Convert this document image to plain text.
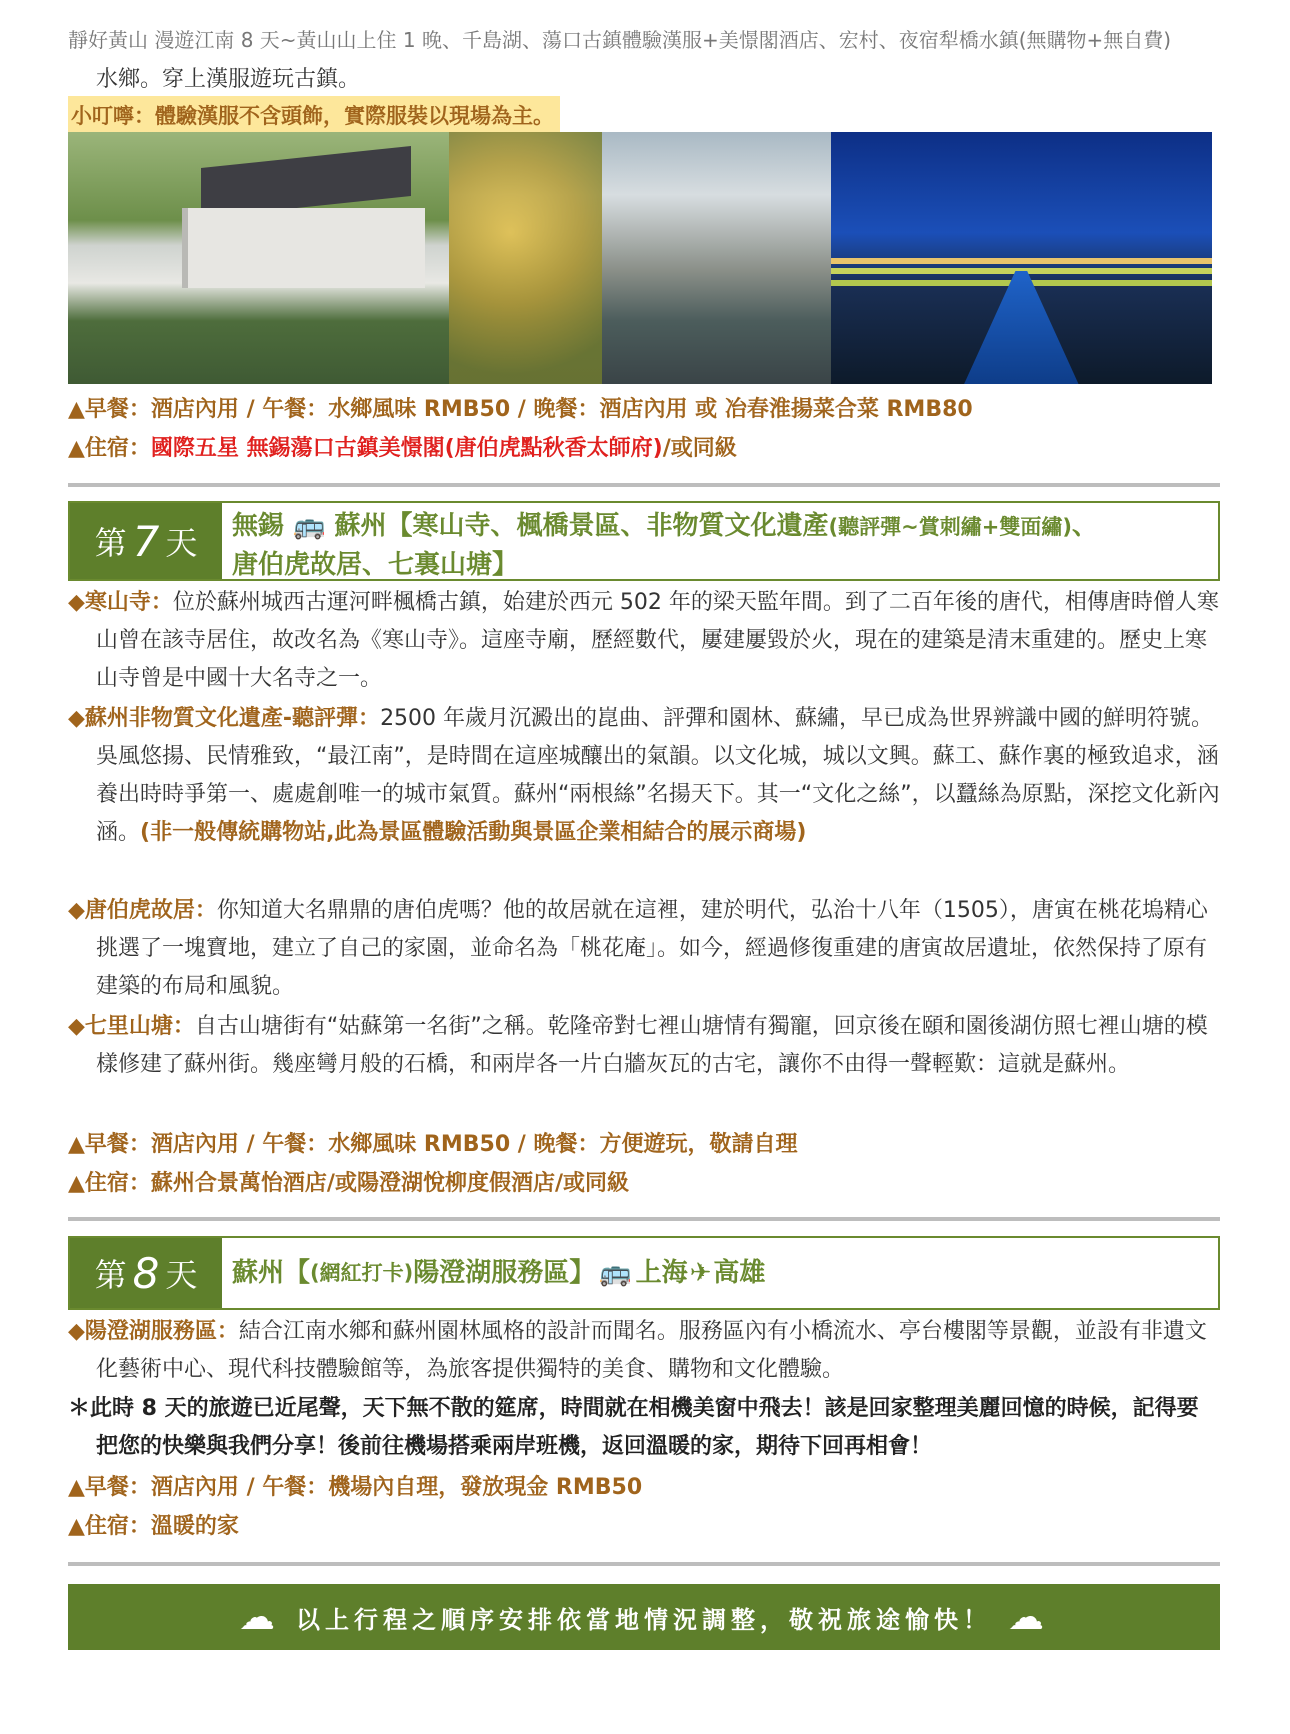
靜好黃山 漫遊江南 8 天~黃山山上住 1 晚、千島湖、蕩口古鎮體驗漢服+美憬閣酒店、宏村、夜宿犁橋水鎮(無購物+無自費)
水鄉。穿上漢服遊玩古鎮。
小叮嚀：體驗漢服不含頭飾，實際服裝以現場為主。
▲早餐：酒店內用 / 午餐：水鄉風味 RMB50 / 晚餐：酒店內用 或 冶春淮揚菜合菜 RMB80
▲住宿：國際五星 無錫蕩口古鎮美憬閣(唐伯虎點秋香太師府)/或同級
第 7 天 無錫 🚌 蘇州【寒山寺、楓橋景區、非物質文化遺產(聽評彈~賞刺繡+雙面繡)、
唐伯虎故居、七裏山塘】
◆寒山寺：位於蘇州城西古運河畔楓橋古鎮，始建於西元 502 年的梁天監年間。到了二百年後的唐代，相傳唐時僧人寒山曾在該寺居住，故改名為《寒山寺》。這座寺廟，歷經數代，屢建屢毀於火，現在的建築是清末重建的。歷史上寒山寺曾是中國十大名寺之一。
◆蘇州非物質文化遺產-聽評彈：2500 年歲月沉澱出的崑曲、評彈和園林、蘇繡，早已成為世界辨識中國的鮮明符號。吳風悠揚、民情雅致，“最江南”，是時間在這座城釀出的氣韻。以文化城，城以文興。蘇工、蘇作裏的極致追求，涵養出時時爭第一、處處創唯一的城市氣質。蘇州“兩根絲”名揚天下。其一“文化之絲”，以蠶絲為原點，深挖文化新內涵。(非一般傳統購物站,此為景區體驗活動與景區企業相結合的展示商場)
◆唐伯虎故居：你知道大名鼎鼎的唐伯虎嗎？他的故居就在這裡，建於明代，弘治十八年（1505），唐寅在桃花塢精心挑選了一塊寶地，建立了自己的家園，並命名為「桃花庵」。如今，經過修復重建的唐寅故居遺址，依然保持了原有建築的布局和風貌。
◆七里山塘：自古山塘街有“姑蘇第一名街”之稱。乾隆帝對七裡山塘情有獨寵，回京後在頤和園後湖仿照七裡山塘的模樣修建了蘇州街。幾座彎月般的石橋，和兩岸各一片白牆灰瓦的古宅，讓你不由得一聲輕歎：這就是蘇州。
▲早餐：酒店內用 / 午餐：水鄉風味 RMB50 / 晚餐：方便遊玩，敬請自理
▲住宿：蘇州合景萬怡酒店/或陽澄湖悅柳度假酒店/或同級
第 8 天 蘇州【 (網紅打卡) 陽澄湖服務區】 🚌 上海 ✈ 高雄
◆陽澄湖服務區：結合江南水鄉和蘇州園林風格的設計而聞名。服務區內有小橋流水、亭台樓閣等景觀，並設有非遺文化藝術中心、現代科技體驗館等，為旅客提供獨特的美食、購物和文化體驗。
＊此時 8 天的旅遊已近尾聲，天下無不散的筵席，時間就在相機美窗中飛去！該是回家整理美麗回憶的時候，記得要把您的快樂與我們分享！後前往機場搭乘兩岸班機，返回溫暖的家，期待下回再相會！
▲早餐：酒店內用 / 午餐：機場內自理，發放現金 RMB50
▲住宿：溫暖的家
☁ 以上行程之順序安排依當地情況調整，敬祝旅途愉快！ ☁
